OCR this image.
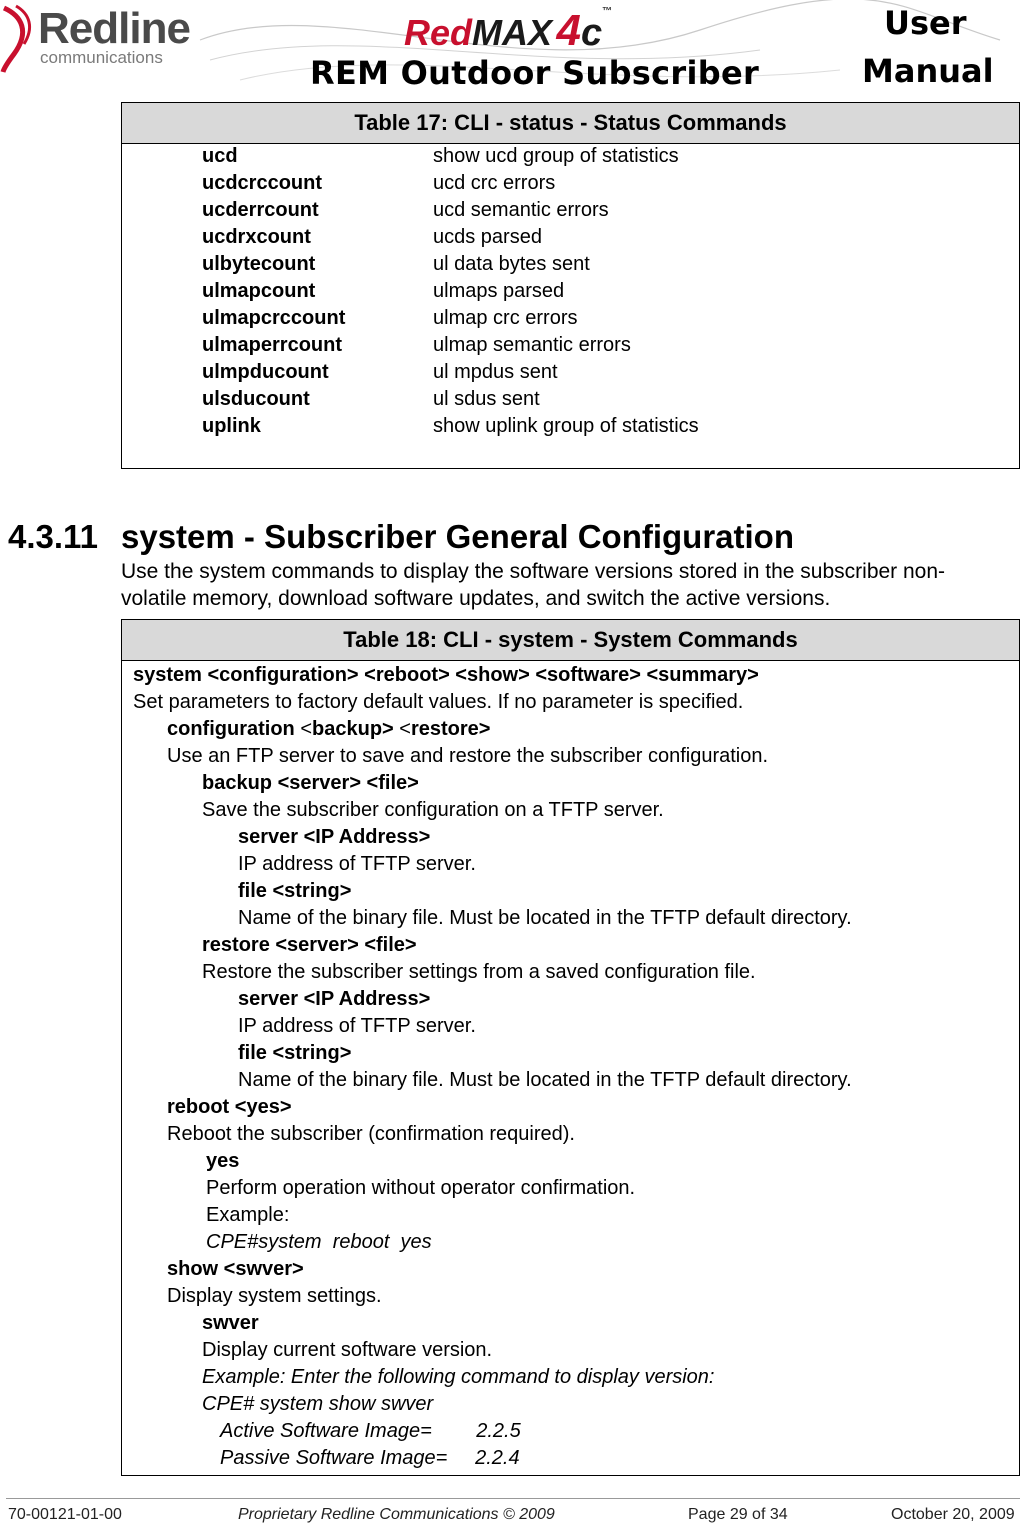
Redline
communications
RedMAX 4c™
REM Outdoor Subscriber
User
Manual
Table 17: CLI - status - Status Commands
ucd	show ucd group of statistics
ucdcrccount	ucd crc errors
ucderrcount	ucd semantic errors
ucdrxcount	ucds parsed
ulbytecount	ul data bytes sent
ulmapcount	ulmaps parsed
ulmapcrccount	ulmap crc errors
ulmaperrcount	ulmap semantic errors
ulmpducount	ul mpdus sent
ulsducount	ul sdus sent
uplink	show uplink group of statistics
4.3.11 system - Subscriber General Configuration
Use the system commands to display the software versions stored in the subscriber non-
volatile memory, download software updates, and switch the active versions.
Table 18: CLI - system - System Commands
system <configuration> <reboot> <show> <software> <summary>
Set parameters to factory default values. If no parameter is specified.
configuration <backup> <restore>
Use an FTP server to save and restore the subscriber configuration.
backup <server> <file>
Save the subscriber configuration on a TFTP server.
server <IP Address>
IP address of TFTP server.
file <string>
Name of the binary file. Must be located in the TFTP default directory.
restore <server> <file>
Restore the subscriber settings from a saved configuration file.
server <IP Address>
IP address of TFTP server.
file <string>
Name of the binary file. Must be located in the TFTP default directory.
reboot <yes>
Reboot the subscriber (confirmation required).
yes
Perform operation without operator confirmation.
Example:
CPE#system  reboot  yes
show <swver>
Display system settings.
swver
Display current software version.
Example: Enter the following command to display version:
CPE# system show swver
Active Software Image=        2.2.5
Passive Software Image=     2.2.4
70-00121-01-00	Proprietary Redline Communications © 2009	Page 29 of 34	October 20, 2009
